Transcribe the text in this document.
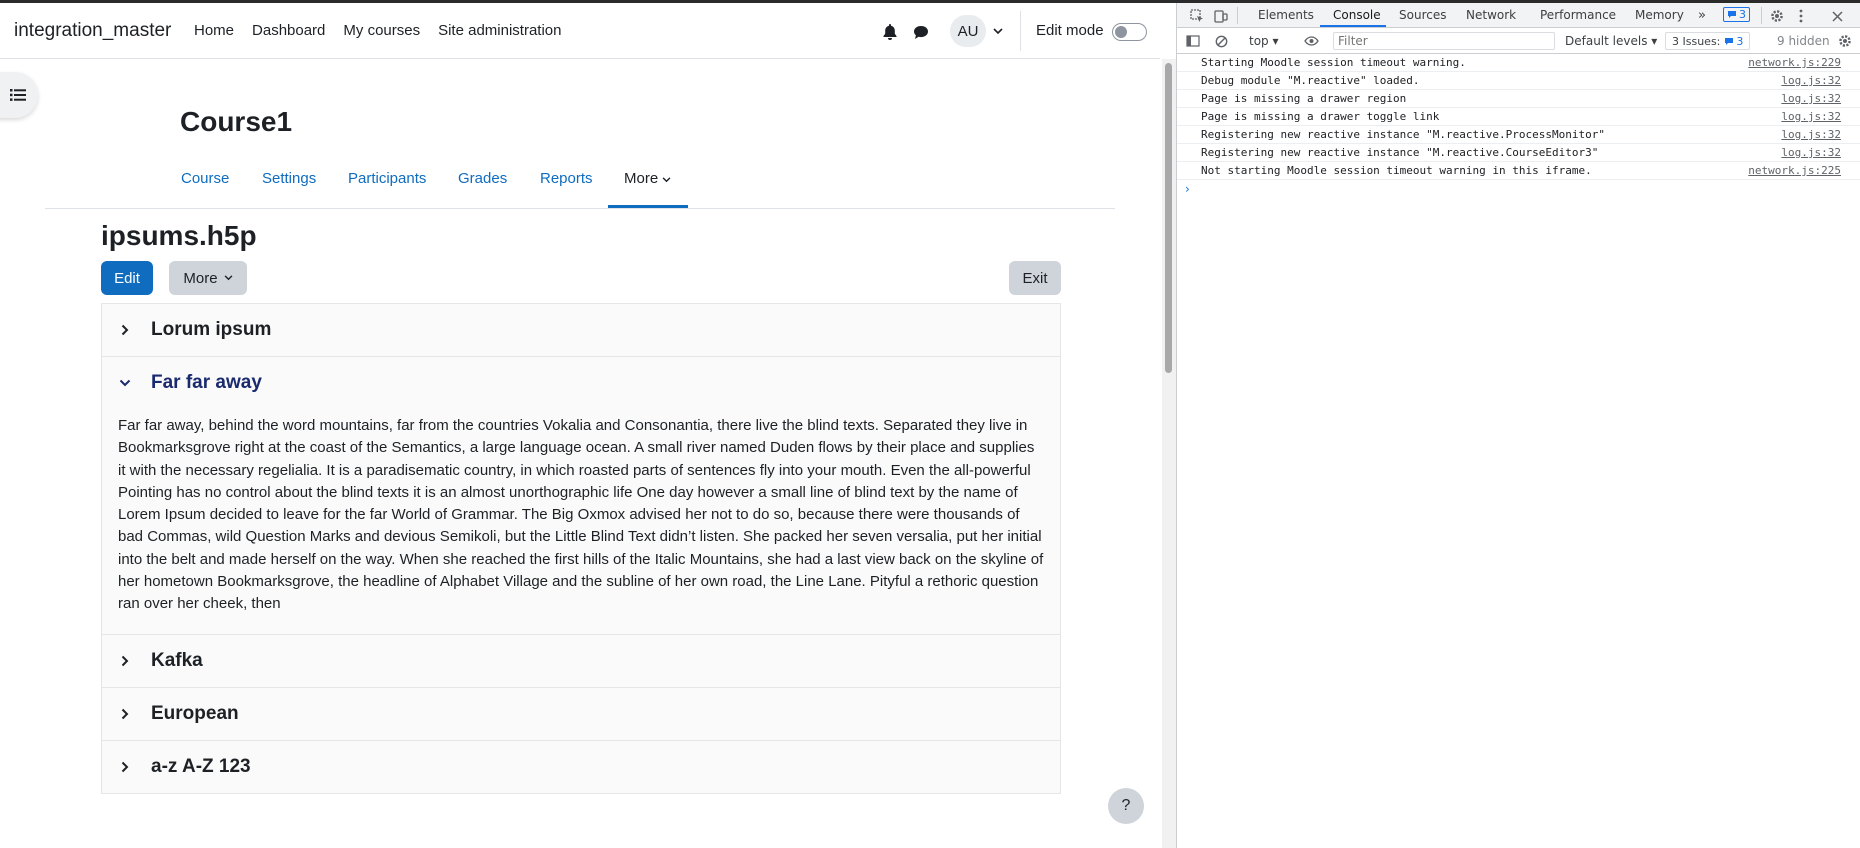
integration_master Home Dashboard My courses Site administration	AU	Edit mode
Course1
Course Settings Participants Grades Reports More
ipsums.h5p
Edit	More	Exit
Lorum ipsum
Far far away
Far far away, behind the word mountains, far from the countries Vokalia and Consonantia, there live the blind texts. Separated they live in Bookmarksgrove right at the coast of the Semantics, a large language ocean. A small river named Duden flows by their place and supplies it with the necessary regelialia. It is a paradisematic country, in which roasted parts of sentences fly into your mouth. Even the all-powerful Pointing has no control about the blind texts it is an almost unorthographic life One day however a small line of blind text by the name of Lorem Ipsum decided to leave for the far World of Grammar. The Big Oxmox advised her not to do so, because there were thousands of bad Commas, wild Question Marks and devious Semikoli, but the Little Blind Text didn’t listen. She packed her seven versalia, put her initial into the belt and made herself on the way. When she reached the first hills of the Italic Mountains, she had a last view back on the skyline of her hometown Bookmarksgrove, the headline of Alphabet Village and the subline of her own road, the Line Lane. Pityful a rethoric question ran over her cheek, then
Kafka
European
a-z A-Z 123
?
Elements Console Sources Network Performance Memory »	3
top ▾
Filter	Default levels ▾ 3 Issues: 3	9 hidden
Starting Moodle session timeout warning.	network.js:229
Debug module "M.reactive" loaded.	log.js:32
Page is missing a drawer region	log.js:32
Page is missing a drawer toggle link	log.js:32
Registering new reactive instance "M.reactive.ProcessMonitor"	log.js:32
Registering new reactive instance "M.reactive.CourseEditor3"	log.js:32
Not starting Moodle session timeout warning in this iframe.	network.js:225
›
